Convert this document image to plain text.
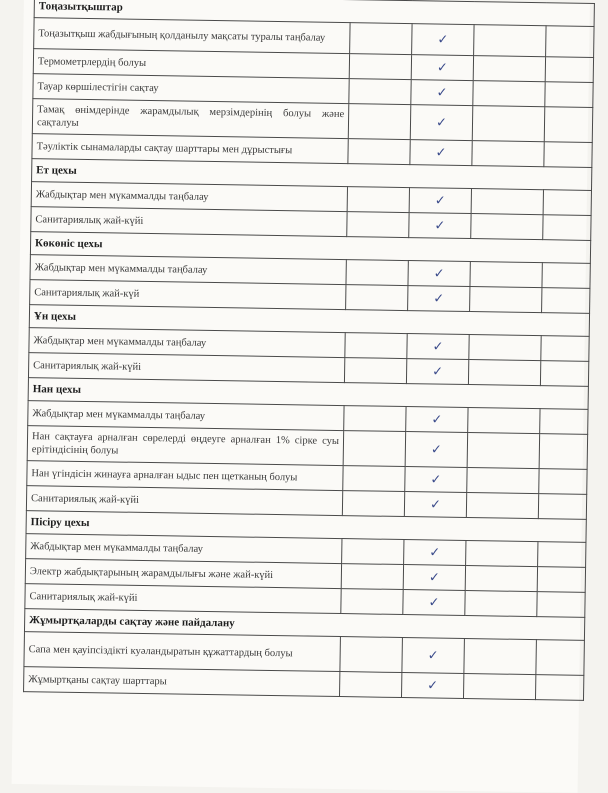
Тоңазытқыштар				
Тоңазытқыш жабдығының қолданылу мақсаты туралы таңбалау		✓		
Термометрлердің болуы		✓		
Тауар көршілестігін сақтау		✓		
Тамақ өнімдерінде жарамдылық мерзімдерінің болуы және сақталуы		✓		
Тәуліктік сынамаларды сақтау шарттары мен дұрыстығы		✓		
Ет цехы				
Жабдықтар мен мүкаммалды таңбалау		✓		
Санитариялық жай-күйі		✓		
Көкөніс цехы				
Жабдықтар мен мүкаммалды таңбалау		✓		
Санитариялық жай-күй		✓		
Ұн цехы				
Жабдықтар мен мүкаммалды таңбалау		✓		
Санитариялық жай-күйі		✓		
Нан цехы				
Жабдықтар мен мүкаммалды таңбалау		✓		
Нан сақтауға арналған сөрелерді өңдеуге арналған 1% сірке суы ерітіндісінің болуы		✓		
Нан үгіндісін жинауға арналған ыдыс пен щетканың болуы		✓		
Санитариялық жай-күйі		✓		
Пісіру цехы				
Жабдықтар мен мүкаммалды таңбалау		✓		
Электр жабдықтарының жарамдылығы және жай-күйі		✓		
Санитариялық жай-күйі		✓		
Жұмыртқаларды сақтау және пайдалану				
Сапа мен қауіпсіздікті куәландыратын құжаттардың болуы		✓		
Жұмыртқаны сақтау шарттары		✓		
